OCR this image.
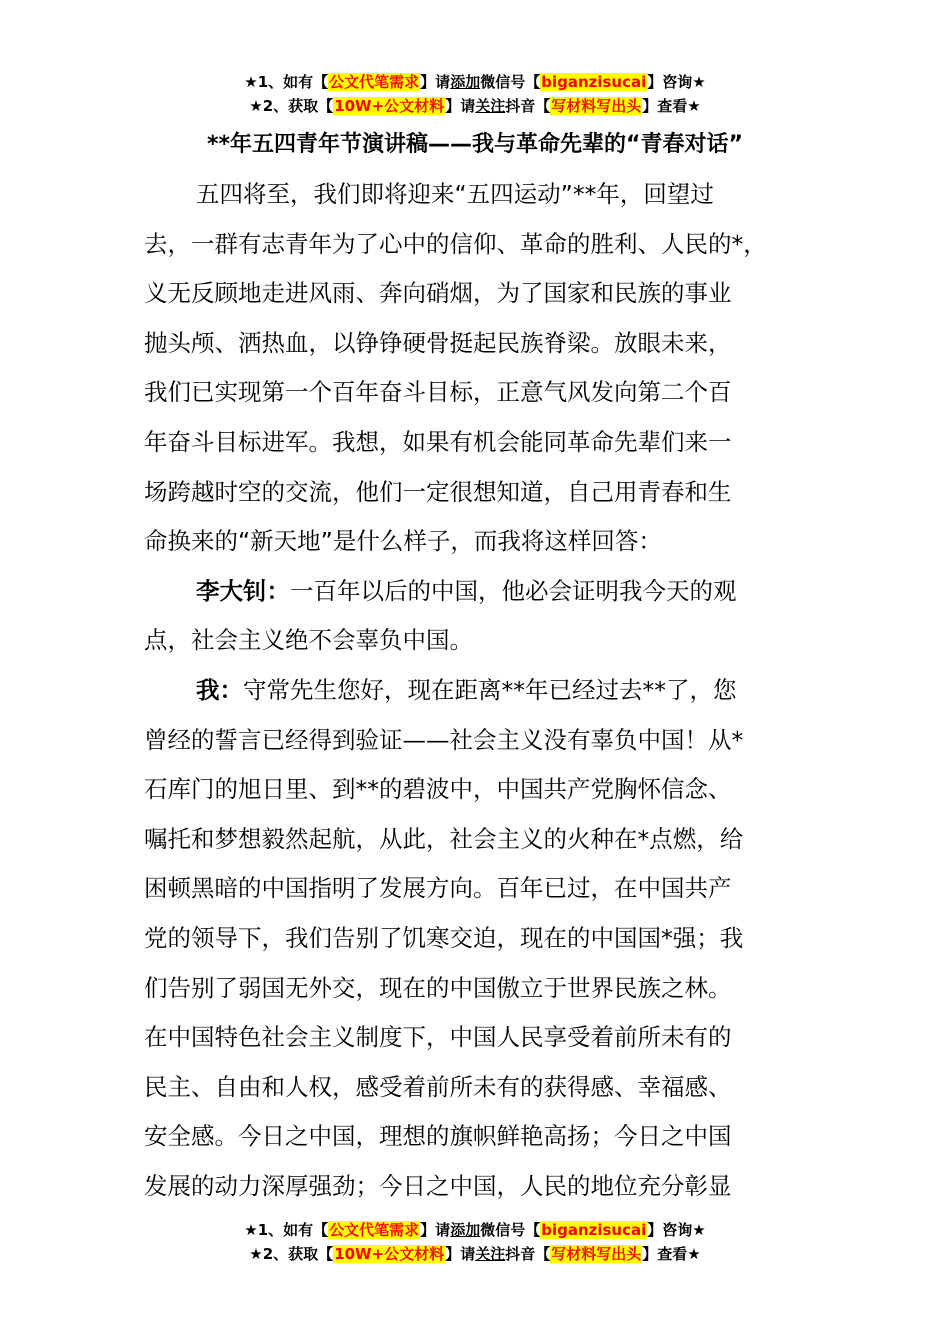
★1、如有【公文代笔需求】请添加微信号【biganzisucai】咨询★
★2、获取【10W+公文材料】请关注抖音【写材料写出头】查看★
**年五四青年节演讲稿——我与革命先辈的“青春对话”
五四将至，我们即将迎来“五四运动”**年，回望过
去，一群有志青年为了心中的信仰、革命的胜利、人民的*，
义无反顾地走进风雨、奔向硝烟，为了国家和民族的事业
抛头颅、洒热血，以铮铮硬骨挺起民族脊梁。放眼未来，
我们已实现第一个百年奋斗目标，正意气风发向第二个百
年奋斗目标进军。我想，如果有机会能同革命先辈们来一
场跨越时空的交流，他们一定很想知道，自己用青春和生
命换来的“新天地”是什么样子，而我将这样回答：
李大钊：一百年以后的中国，他必会证明我今天的观
点，社会主义绝不会辜负中国。
我：守常先生您好，现在距离**年已经过去**了，您
曾经的誓言已经得到验证——社会主义没有辜负中国！从*
石库门的旭日里、到**的碧波中，中国共产党胸怀信念、
嘱托和梦想毅然起航，从此，社会主义的火种在*点燃，给
困顿黑暗的中国指明了发展方向。百年已过，在中国共产
党的领导下，我们告别了饥寒交迫，现在的中国国*强；我
们告别了弱国无外交，现在的中国傲立于世界民族之林。
在中国特色社会主义制度下，中国人民享受着前所未有的
民主、自由和人权，感受着前所未有的获得感、幸福感、
安全感。今日之中国，理想的旗帜鲜艳高扬；今日之中国
发展的动力深厚强劲；今日之中国，人民的地位充分彰显
★1、如有【公文代笔需求】请添加微信号【biganzisucai】咨询★
★2、获取【10W+公文材料】请关注抖音【写材料写出头】查看★
